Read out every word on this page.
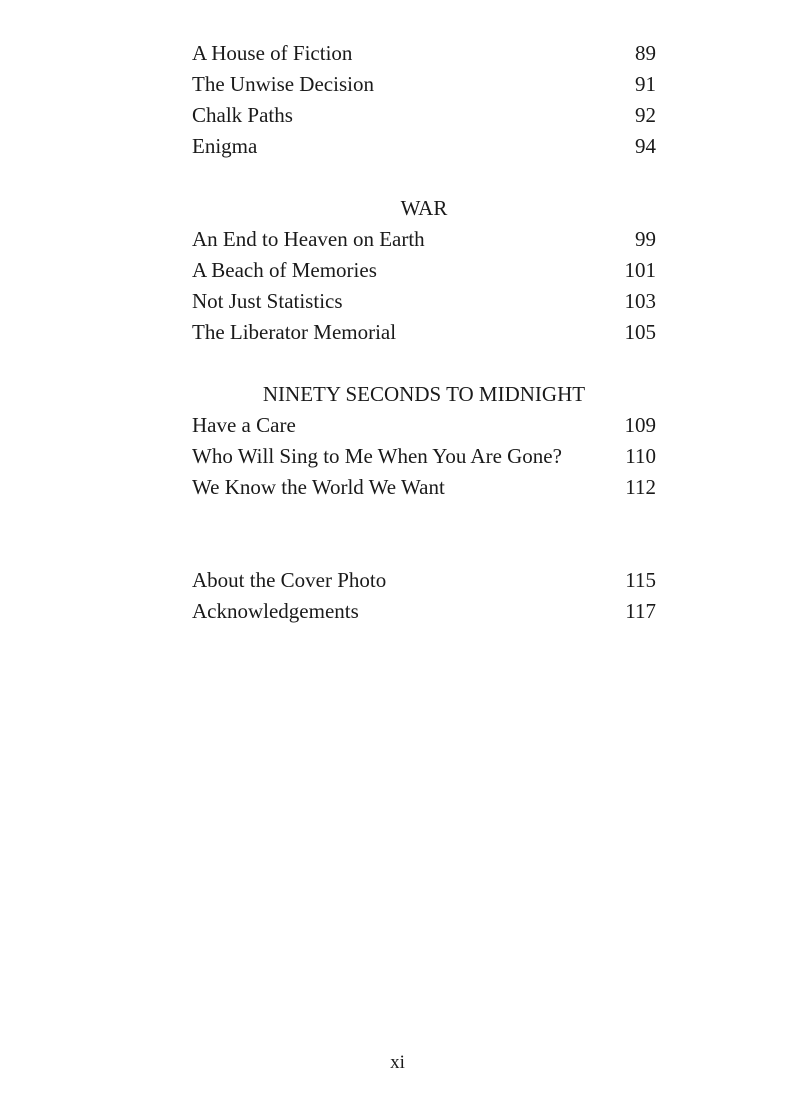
A House of Fiction	89
The Unwise Decision	91
Chalk Paths	92
Enigma	94
WAR
An End to Heaven on Earth	99
A Beach of Memories	101
Not Just Statistics	103
The Liberator Memorial	105
NINETY SECONDS TO MIDNIGHT
Have a Care	109
Who Will Sing to Me When You Are Gone?	110
We Know the World We Want	112
About the Cover Photo	115
Acknowledgements	117
xi
